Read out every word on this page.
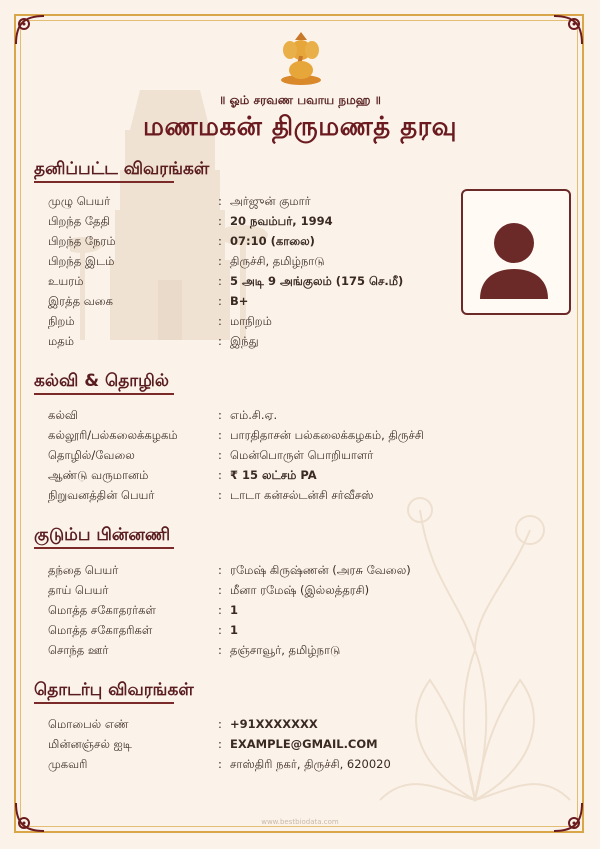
॥ ஓம் சரவண பவாய நமஹ ॥
மணமகன் திருமணத் தரவு
தனிப்பட்ட விவரங்கள்
முழு பெயர்	: அர்ஜுன் குமார்
பிறந்த தேதி	: 20 நவம்பர், 1994
பிறந்த நேரம்	: 07:10 (காலை)
பிறந்த இடம்	: திருச்சி, தமிழ்நாடு
உயரம்	: 5 அடி 9 அங்குலம் (175 செ.மீ)
இரத்த வகை	: B+
நிறம்	: மாநிறம்
மதம்	: இந்து
கல்வி & தொழில்
கல்வி	: எம்.சி.ஏ.
கல்லூரி/பல்கலைக்கழகம்	: பாரதிதாசன் பல்கலைக்கழகம், திருச்சி
தொழில்/வேலை	: மென்பொருள் பொறியாளர்
ஆண்டு வருமானம்	: ₹ 15 லட்சம் PA
நிறுவனத்தின் பெயர்	: டாடா கன்சல்டன்சி சர்வீசஸ்
குடும்ப பின்னணி
தந்தை பெயர்	: ரமேஷ் கிருஷ்ணன் (அரசு வேலை)
தாய் பெயர்	: மீனா ரமேஷ் (இல்லத்தரசி)
மொத்த சகோதரர்கள்	: 1
மொத்த சகோதரிகள்	: 1
சொந்த ஊர்	: தஞ்சாவூர், தமிழ்நாடு
தொடர்பு விவரங்கள்
மொபைல் எண்	: +91XXXXXXX
மின்னஞ்சல் ஐடி	: EXAMPLE@GMAIL.COM
முகவரி	: சாஸ்திரி நகர், திருச்சி, 620020
www.bestbiodata.com
